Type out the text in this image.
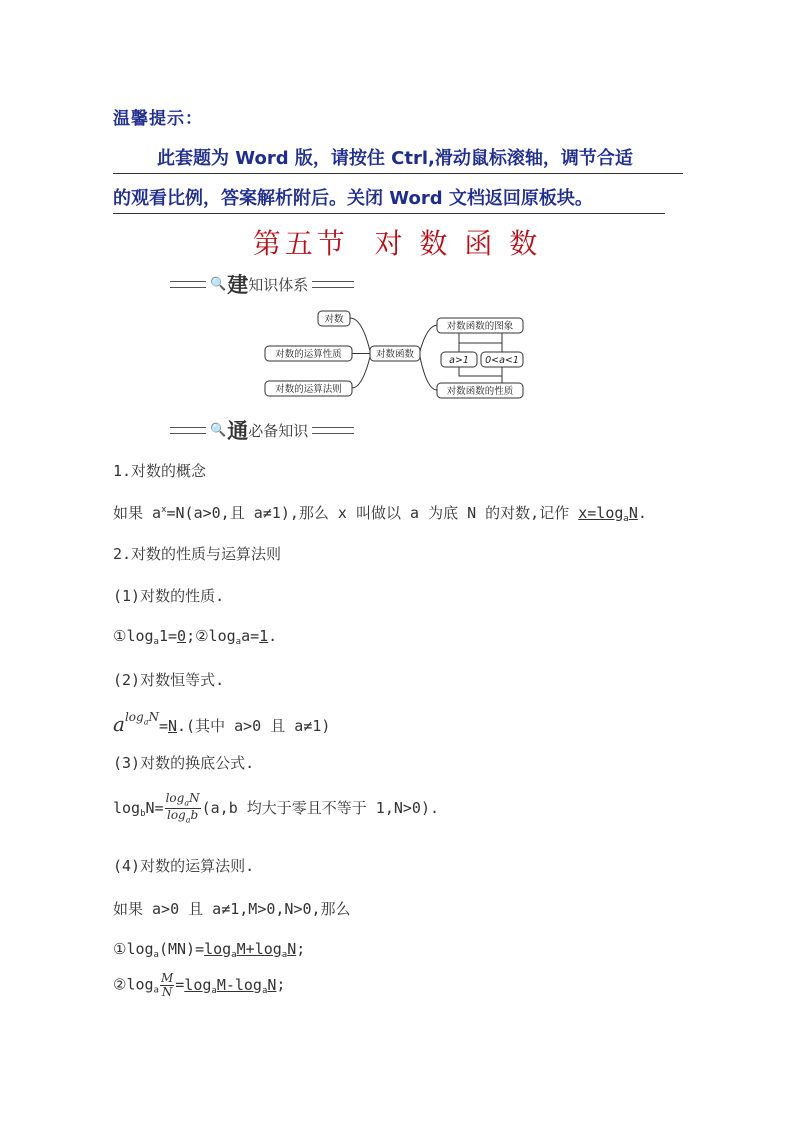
温馨提示：
此套题为 Word 版，请按住 Ctrl,滑动鼠标滚轴，调节合适
的观看比例，答案解析附后。关闭 Word 文档返回原板块。
第五节  对 数 函 数
🔍 建 知识体系
对数
对数的运算性质
对数的运算法则
对数函数
对数函数的图象
a>1 0<a<1
对数函数的性质
🔍 通 必备知识
1.对数的概念
如果 $a^x=N(a>0$,且 a≠1),那么 x 叫做以 a 为底 N 的对数,记作 $x=\log_aN$.
2.对数的性质与运算法则
(1)对数的性质.
$①\log_a1=0;②\log_aa=1$.
(2)对数恒等式.
$a^{log_aN}=N$.(其中 a>0 且 a≠1)
(3)对数的换底公式.
$\log_bN= \frac{\log_aN}{\log_ab} (a,b$ 均大于零且不等于 1,N>0).
(4)对数的运算法则.
如果 a>0 且 a≠1,M>0,N>0,那么
$①\log_a(MN)=\log_aM+\log_aN$;
$②\log_a \frac{M}{N} =\log_aM-\log_aN$;
